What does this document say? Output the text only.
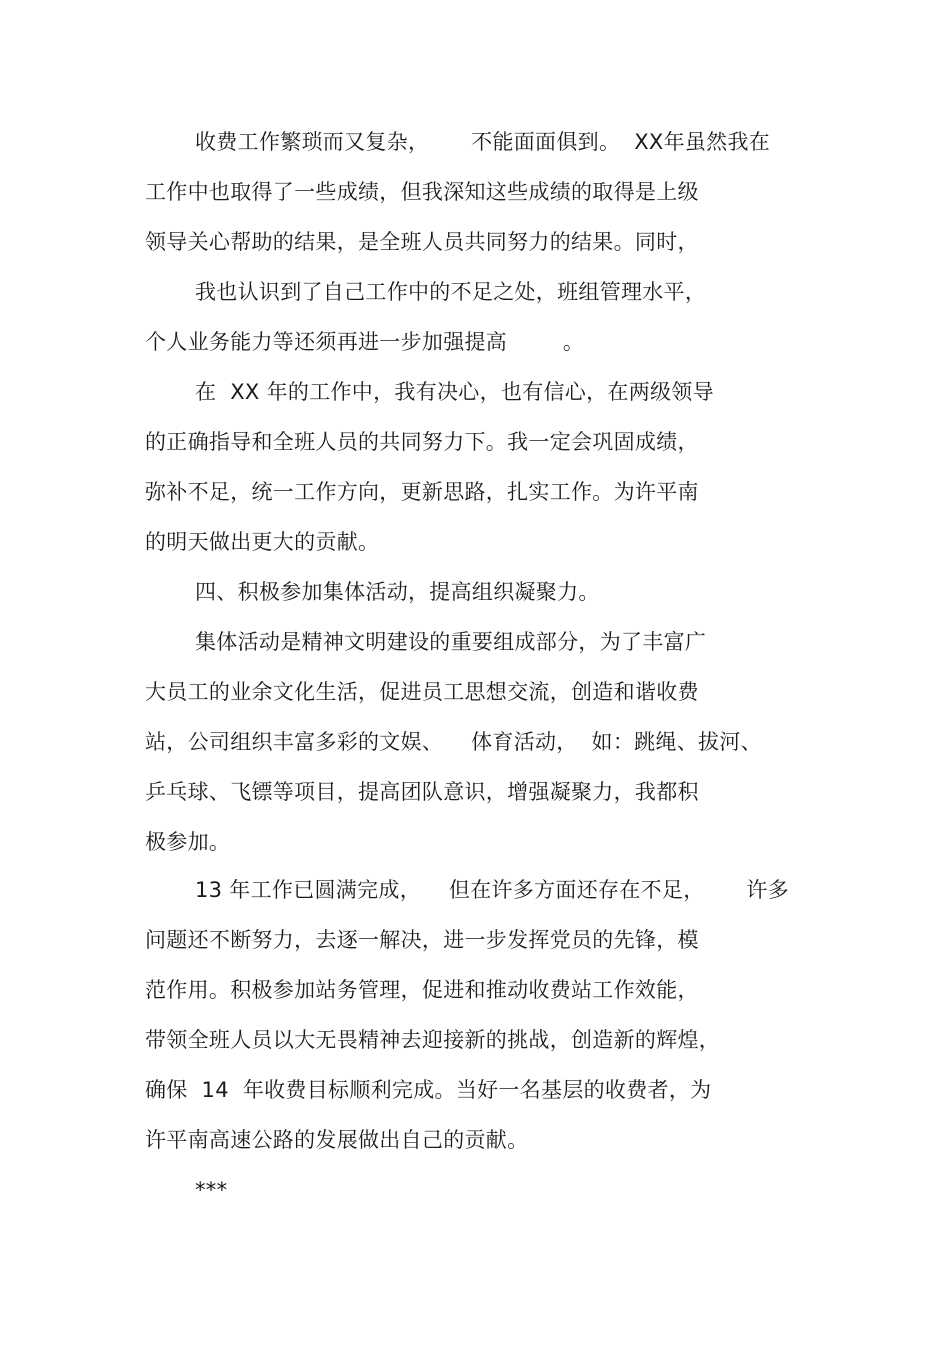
收费工作繁琐而又复杂，      不能面面俱到。  XX年虽然我在
工作中也取得了一些成绩，但我深知这些成绩的取得是上级
领导关心帮助的结果，是全班人员共同努力的结果。同时，
我也认识到了自己工作中的不足之处，班组管理水平，
个人业务能力等还须再进一步加强提高        。
在  XX 年的工作中，我有决心，也有信心，在两级领导
的正确指导和全班人员的共同努力下。我一定会巩固成绩，
弥补不足，统一工作方向，更新思路，扎实工作。为许平南
的明天做出更大的贡献。
四、积极参加集体活动，提高组织凝聚力。
集体活动是精神文明建设的重要组成部分，为了丰富广
大员工的业余文化生活，促进员工思想交流，创造和谐收费
站，公司组织丰富多彩的文娱、    体育活动，  如：跳绳、拔河、
乒乓球、飞镖等项目，提高团队意识，增强凝聚力，我都积
极参加。
13 年工作已圆满完成，    但在许多方面还存在不足，      许多
问题还不断努力，去逐一解决，进一步发挥党员的先锋，模
范作用。积极参加站务管理，促进和推动收费站工作效能，
带领全班人员以大无畏精神去迎接新的挑战，创造新的辉煌，
确保  14  年收费目标顺利完成。当好一名基层的收费者，为
许平南高速公路的发展做出自己的贡献。
***
